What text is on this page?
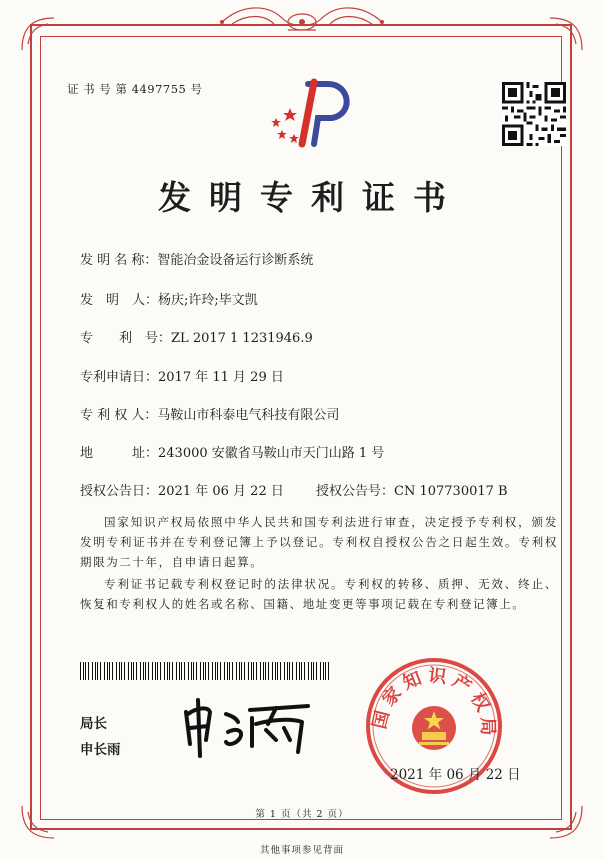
证 书 号 第 4497755 号
发明专利证书
发 明 名 称：智能冶金设备运行诊断系统
发　明　人：杨庆;许玲;毕文凯
专　　利　号：ZL 2017 1 1231946.9
专利申请日：2017 年 11 月 29 日
专 利 权 人：马鞍山市科泰电气科技有限公司
地　　　址：243000 安徽省马鞍山市天门山路 1 号
授权公告日：2021 年 06 月 22 日 授权公告号：CN 107730017 B
国家知识产权局依照中华人民共和国专利法进行审查，决定授予专利权，颁发发明专利证书并在专利登记簿上予以登记。专利权自授权公告之日起生效。专利权期限为二十年，自申请日起算。
专利证书记载专利权登记时的法律状况。专利权的转移、质押、无效、终止、恢复和专利权人的姓名或名称、国籍、地址变更等事项记载在专利登记簿上。
局长
申长雨
国家知识产权局
2021 年 06 月 22 日
第 1 页（共 2 页）
其他事项参见背面
